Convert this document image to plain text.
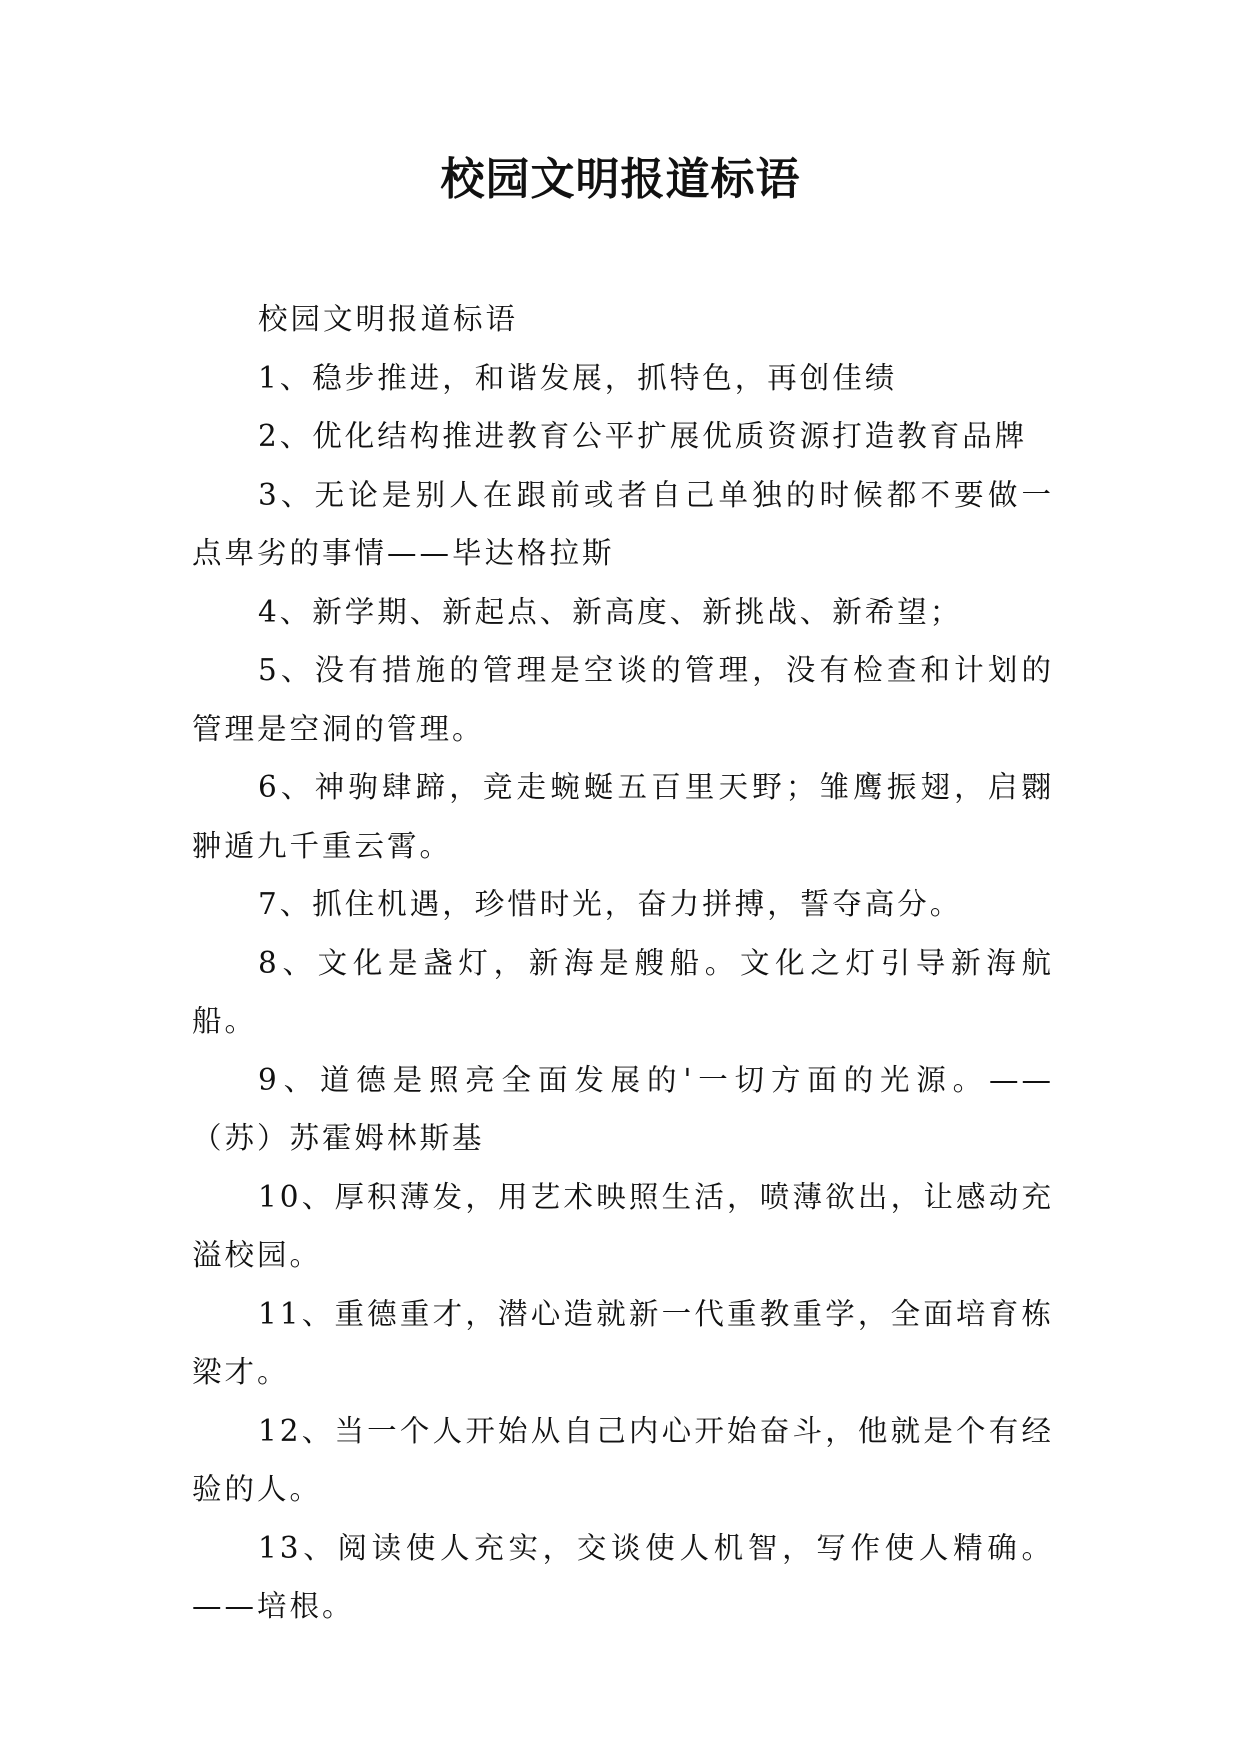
校园文明报道标语

校园文明报道标语

1、稳步推进，和谐发展，抓特色，再创佳绩

2、优化结构推进教育公平扩展优质资源打造教育品牌

3、无论是别人在跟前或者自己单独的时候都不要做一点卑劣的事情——毕达格拉斯

4、新学期、新起点、新高度、新挑战、新希望；

5、没有措施的管理是空谈的管理，没有检查和计划的管理是空洞的管理。

6、神驹肆蹄，竞走蜿蜒五百里天野；雏鹰振翅，启翾翀遁九千重云霄。

7、抓住机遇，珍惜时光，奋力拼搏，誓夺高分。

8、文化是盏灯，新海是艘船。文化之灯引导新海航船。

9、道德是照亮全面发展的'一切方面的光源。——（苏）苏霍姆林斯基

10、厚积薄发，用艺术映照生活，喷薄欲出，让感动充溢校园。

11、重德重才，潜心造就新一代重教重学，全面培育栋梁才。

12、当一个人开始从自己内心开始奋斗，他就是个有经验的人。

13、阅读使人充实，交谈使人机智，写作使人精确。——培根。
